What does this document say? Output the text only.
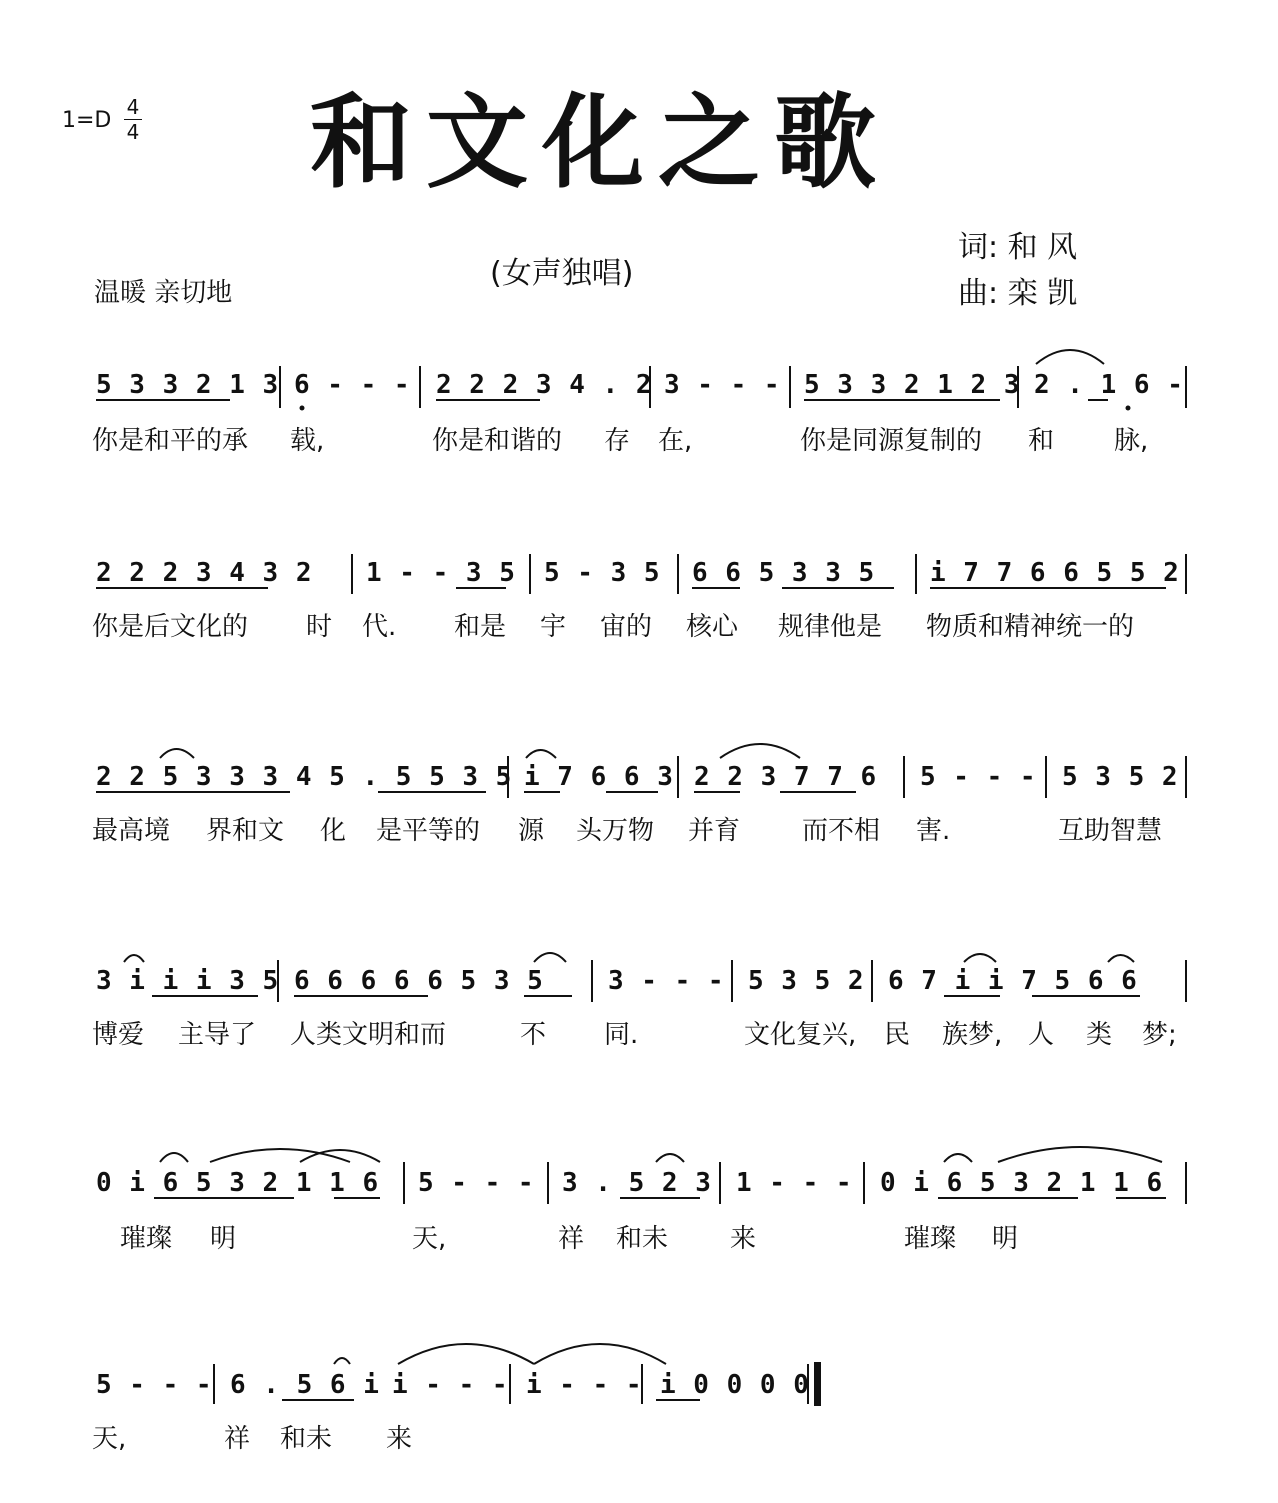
1=D
4
4 和文化之歌
(女声独唱)
词: 和 风
曲: 栾 凯
温暖 亲切地
5 3 3 2 1 3 6 - - - 2 2 2 3 4 . 2 3 - - - 5 3 3 2 1 2 3 2 . 1 6 -
你是和平的承 载,	你是和谐的 存 在,	你是同源复制的 和 脉,
2 2 2 3 4 3 2 1 - - 3 5 5 - 3 5 6 6 5 3 3 5 i 7 7 6 6 5 5 2
你是后文化的 时 代. 和是 宇 宙的 核心 规律他是 物质和精神统一的
2 2 5 3 3 3 4 5 . 5 5 3 5 i 7 6 6 3 2 2 3 7 7 6 5 - - - 5 3 5 2
最高境 界和文 化 是平等的 源 头万物 并育 而不相 害.	互助智慧
3 i i i 3 5 6 6 6 6 6 5 3 5 3 - - - 5 3 5 2 6 7 i i 7 5 6 6
博爱 主导了 人类文明和而	不 同.	文化复兴, 民 族梦, 人 类 梦;
0 i 6 5 3 2 1 1 6 5 - - - 3 . 5 2 3 1 - - - 0 i 6 5 3 2 1 1 6
璀璨 明	天,	祥 和未 来	璀璨 明
5 - - - 6 . 5 6 i i - - - i - - - i 0 0 0 0
天,	祥 和未 来
